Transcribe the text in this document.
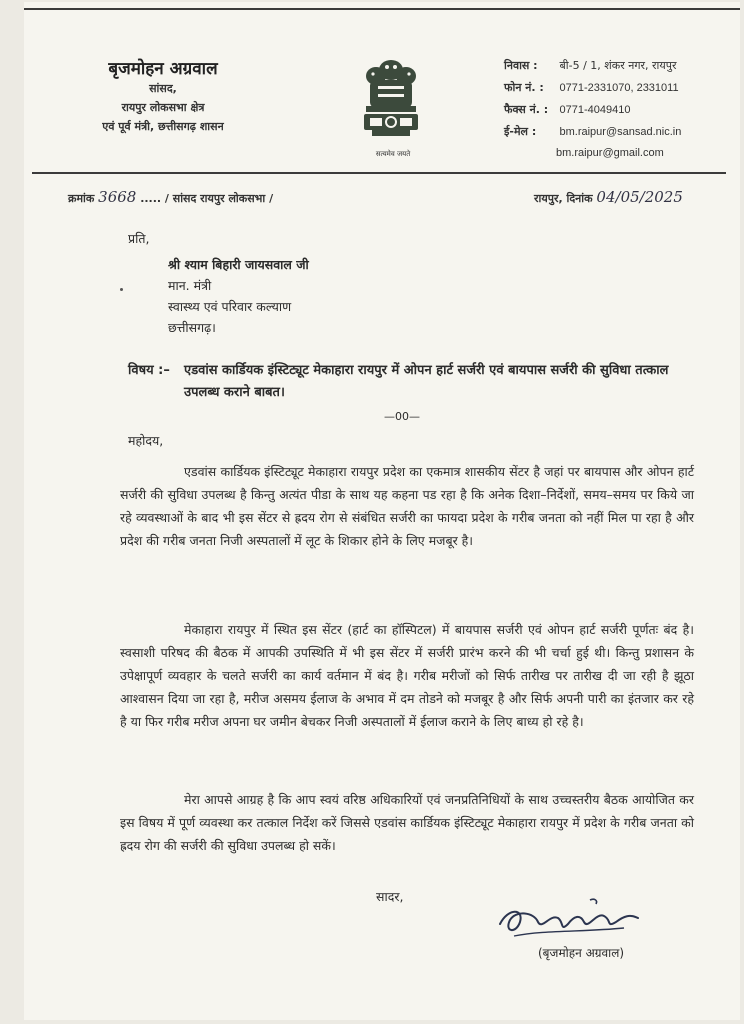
बृजमोहन अग्रवाल
सांसद,
रायपुर लोकसभा क्षेत्र
एवं पूर्व मंत्री, छत्तीसगढ़ शासन
सत्यमेव जयते
निवास : बी-5 / 1, शंकर नगर, रायपुर
फोन नं. : 0771-2331070, 2331011
फैक्स नं. : 0771-4049410
ई-मेल : bm.raipur@sansad.nic.in
bm.raipur@gmail.com
क्रमांक 3668 ..... / सांसद रायपुर लोकसभा /	रायपुर, दिनांक 04/05/2025
प्रति,
श्री श्याम बिहारी जायसवाल जी
मान. मंत्री
स्वास्थ्य एवं परिवार कल्याण
छत्तीसगढ़।
विषय :–	एडवांस कार्डियक इंस्टिट्यूट मेकाहारा रायपुर में ओपन हार्ट सर्जरी एवं बायपास सर्जरी की सुविधा तत्काल उपलब्ध कराने बाबत।
—00—
महोदय,
एडवांस कार्डियक इंस्टिट्यूट मेकाहारा रायपुर प्रदेश का एकमात्र शासकीय सेंटर है जहां पर बायपास और ओपन हार्ट सर्जरी की सुविधा उपलब्ध है किन्तु अत्यंत पीडा के साथ यह कहना पड रहा है कि अनेक दिशा–निर्देशों, समय–समय पर किये जा रहे व्यवस्थाओं के बाद भी इस सेंटर से ह्रदय रोग से संबंधित सर्जरी का फायदा प्रदेश के गरीब जनता को नहीं मिल पा रहा है और प्रदेश की गरीब जनता निजी अस्पतालों में लूट के शिकार होने के लिए मजबूर है।
मेकाहारा रायपुर में स्थित इस सेंटर (हार्ट का हॉस्पिटल) में बायपास सर्जरी एवं ओपन हार्ट सर्जरी पूर्णतः बंद है। स्वसाशी परिषद की बैठक में आपकी उपस्थिति में भी इस सेंटर में सर्जरी प्रारंभ करने की भी चर्चा हुई थी। किन्तु प्रशासन के उपेक्षापूर्ण व्यवहार के चलते सर्जरी का कार्य वर्तमान में बंद है। गरीब मरीजों को सिर्फ तारीख पर तारीख दी जा रही है झूठा आश्वासन दिया जा रहा है, मरीज असमय ईलाज के अभाव में दम तोडने को मजबूर है और सिर्फ अपनी पारी का इंतजार कर रहे है या फिर गरीब मरीज अपना घर जमीन बेचकर निजी अस्पतालों में ईलाज कराने के लिए बाध्य हो रहे है।
मेरा आपसे आग्रह है कि आप स्वयं वरिष्ठ अधिकारियों एवं जनप्रतिनिधियों के साथ उच्चस्तरीय बैठक आयोजित कर इस विषय में पूर्ण व्यवस्था कर तत्काल निर्देश करें जिससे एडवांस कार्डियक इंस्टिट्यूट मेकाहारा रायपुर में प्रदेश के गरीब जनता को ह्रदय रोग की सर्जरी की सुविधा उपलब्ध हो सकें।
सादर,
(बृजमोहन अग्रवाल)
